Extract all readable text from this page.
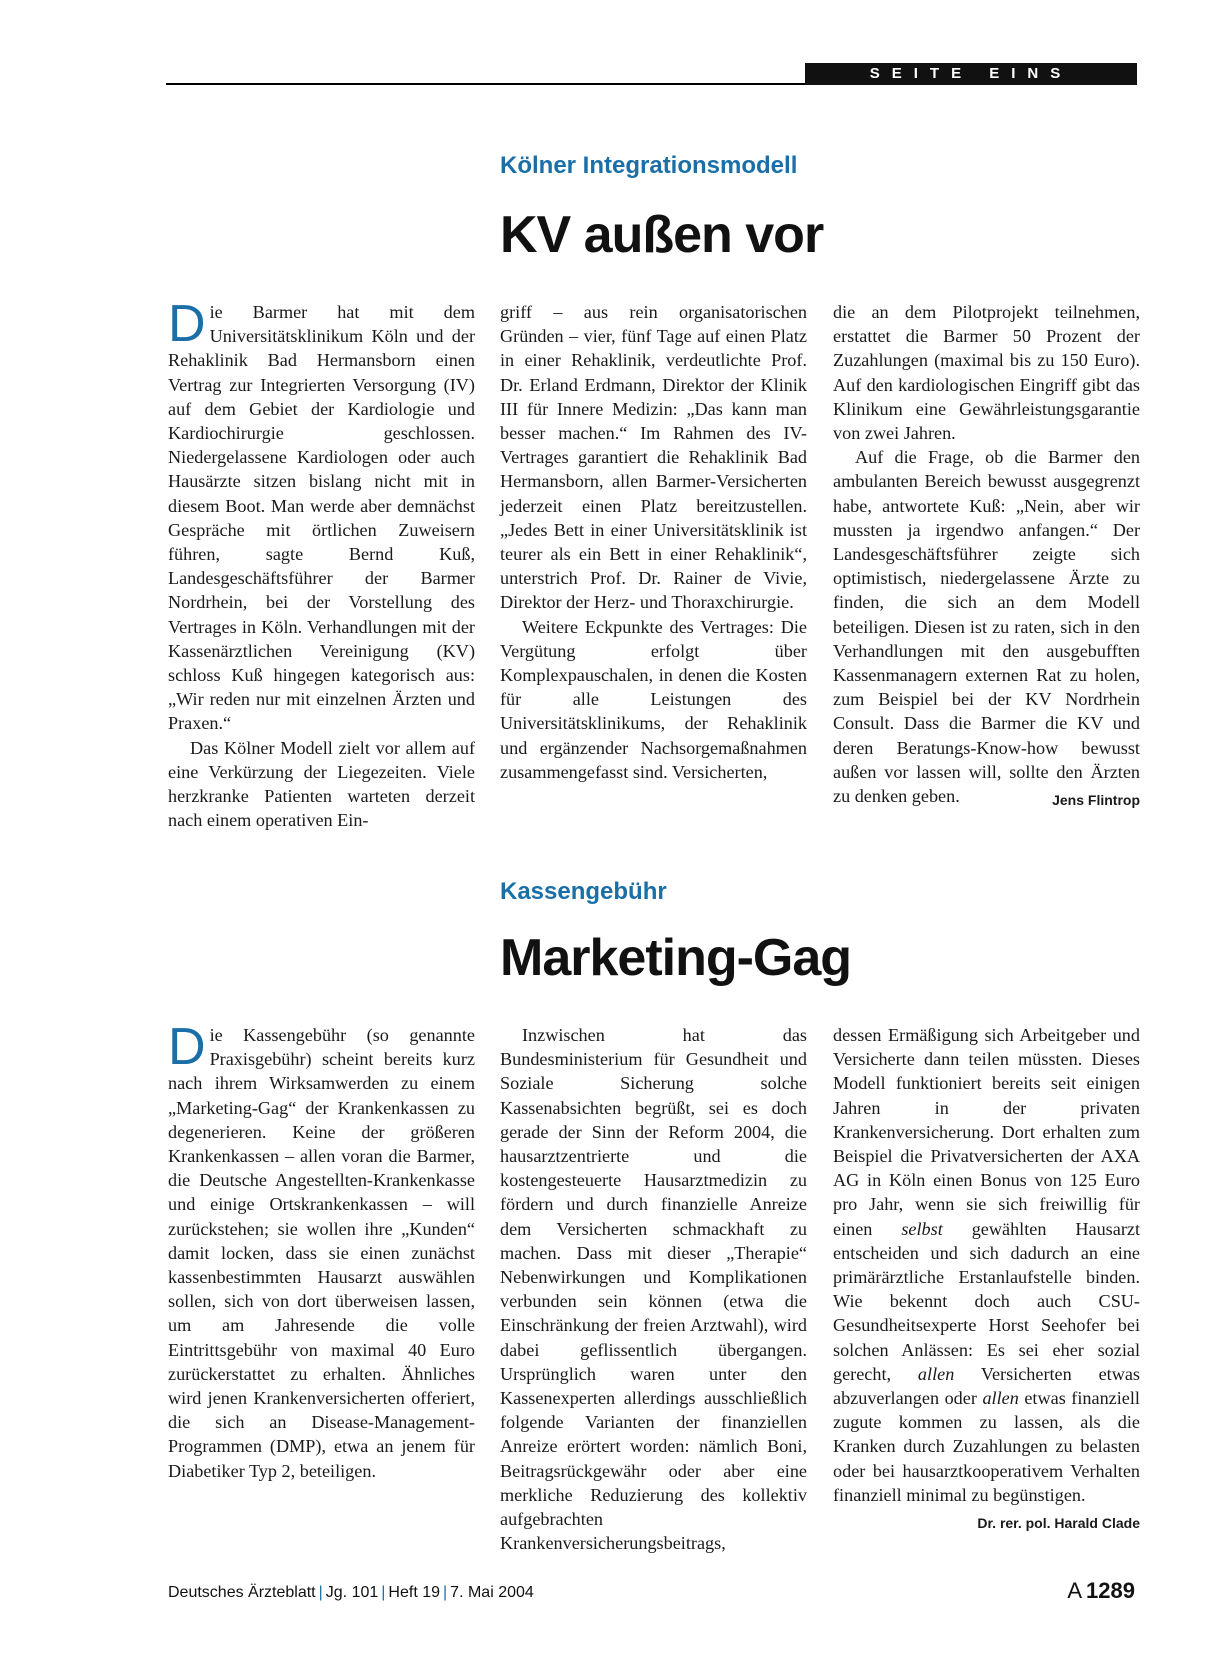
SEITE EINS
Kölner Integrationsmodell
KV außen vor

Die Barmer hat mit dem Universitätsklinikum Köln und der Rehaklinik Bad Hermansborn einen Vertrag zur Integrierten Versorgung (IV) auf dem Gebiet der Kardiologie und Kardiochirurgie geschlossen. Niedergelassene Kardiologen oder auch Hausärzte sitzen bislang nicht mit in diesem Boot. Man werde aber demnächst Gespräche mit örtlichen Zuweisern führen, sagte Bernd Kuß, Landesgeschäftsführer der Barmer Nordrhein, bei der Vorstellung des Vertrages in Köln. Verhandlungen mit der Kassenärztlichen Vereinigung (KV) schloss Kuß hingegen kategorisch aus: „Wir reden nur mit einzelnen Ärzten und Praxen.“

Das Kölner Modell zielt vor allem auf eine Verkürzung der Liegezeiten. Viele herzkranke Patienten warteten derzeit nach einem operativen Ein-

griff – aus rein organisatorischen Gründen – vier, fünf Tage auf einen Platz in einer Rehaklinik, verdeutlichte Prof. Dr. Erland Erdmann, Direktor der Klinik III für Innere Medizin: „Das kann man besser machen.“ Im Rahmen des IV-Vertrages garantiert die Rehaklinik Bad Hermansborn, allen Barmer-Versicherten jederzeit einen Platz bereitzustellen. „Jedes Bett in einer Universitätsklinik ist teurer als ein Bett in einer Rehaklinik“, unterstrich Prof. Dr. Rainer de Vivie, Direktor der Herz- und Thoraxchirurgie.

Weitere Eckpunkte des Vertrages: Die Vergütung erfolgt über Komplexpauschalen, in denen die Kosten für alle Leistungen des Universitätsklinikums, der Rehaklinik und ergänzender Nachsorgemaßnahmen zusammengefasst sind. Versicherten,

die an dem Pilotprojekt teilnehmen, erstattet die Barmer 50 Prozent der Zuzahlungen (maximal bis zu 150 Euro). Auf den kardiologischen Eingriff gibt das Klinikum eine Gewährleistungsgarantie von zwei Jahren.

Auf die Frage, ob die Barmer den ambulanten Bereich bewusst ausgegrenzt habe, antwortete Kuß: „Nein, aber wir mussten ja irgendwo anfangen.“ Der Landesgeschäftsführer zeigte sich optimistisch, niedergelassene Ärzte zu finden, die sich an dem Modell beteiligen. Diesen ist zu raten, sich in den Verhandlungen mit den ausgebufften Kassenmanagern externen Rat zu holen, zum Beispiel bei der KV Nordrhein Consult. Dass die Barmer die KV und deren Beratungs-Know-how bewusst außen vor lassen will, sollte den Ärzten zu denken geben.	Jens Flintrop

Kassengebühr
Marketing-Gag

Die Kassengebühr (so genannte Praxisgebühr) scheint bereits kurz nach ihrem Wirksamwerden zu einem „Marketing-Gag“ der Krankenkassen zu degenerieren. Keine der größeren Krankenkassen – allen voran die Barmer, die Deutsche Angestellten-Krankenkasse und einige Ortskrankenkassen – will zurückstehen; sie wollen ihre „Kunden“ damit locken, dass sie einen zunächst kassenbestimmten Hausarzt auswählen sollen, sich von dort überweisen lassen, um am Jahresende die volle Eintrittsgebühr von maximal 40 Euro zurückerstattet zu erhalten. Ähnliches wird jenen Krankenversicherten offeriert, die sich an Disease-Management-Programmen (DMP), etwa an jenem für Diabetiker Typ 2, beteiligen.

Inzwischen hat das Bundesministerium für Gesundheit und Soziale Sicherung solche Kassenabsichten begrüßt, sei es doch gerade der Sinn der Reform 2004, die hausarztzentrierte und die kostengesteuerte Hausarztmedizin zu fördern und durch finanzielle Anreize dem Versicherten schmackhaft zu machen. Dass mit dieser „Therapie“ Nebenwirkungen und Komplikationen verbunden sein können (etwa die Einschränkung der freien Arztwahl), wird dabei geflissentlich übergangen. Ursprünglich waren unter den Kassenexperten allerdings ausschließlich folgende Varianten der finanziellen Anreize erörtert worden: nämlich Boni, Beitragsrückgewähr oder aber eine merkliche Reduzierung des kollektiv aufgebrachten Krankenversicherungsbeitrags,

dessen Ermäßigung sich Arbeitgeber und Versicherte dann teilen müssten. Dieses Modell funktioniert bereits seit einigen Jahren in der privaten Krankenversicherung. Dort erhalten zum Beispiel die Privatversicherten der AXA AG in Köln einen Bonus von 125 Euro pro Jahr, wenn sie sich freiwillig für einen selbst gewählten Hausarzt entscheiden und sich dadurch an eine primärärztliche Erstanlaufstelle binden. Wie bekennt doch auch CSU-Gesundheitsexperte Horst Seehofer bei solchen Anlässen: Es sei eher sozial gerecht, allen Versicherten etwas abzuverlangen oder allen etwas finanziell zugute kommen zu lassen, als die Kranken durch Zuzahlungen zu belasten oder bei hausarztkooperativem Verhalten finanziell minimal zu begünstigen.
Dr. rer. pol. Harald Clade

Deutsches Ärzteblatt | Jg. 101 | Heft 19 | 7. Mai 2004	A 1289
